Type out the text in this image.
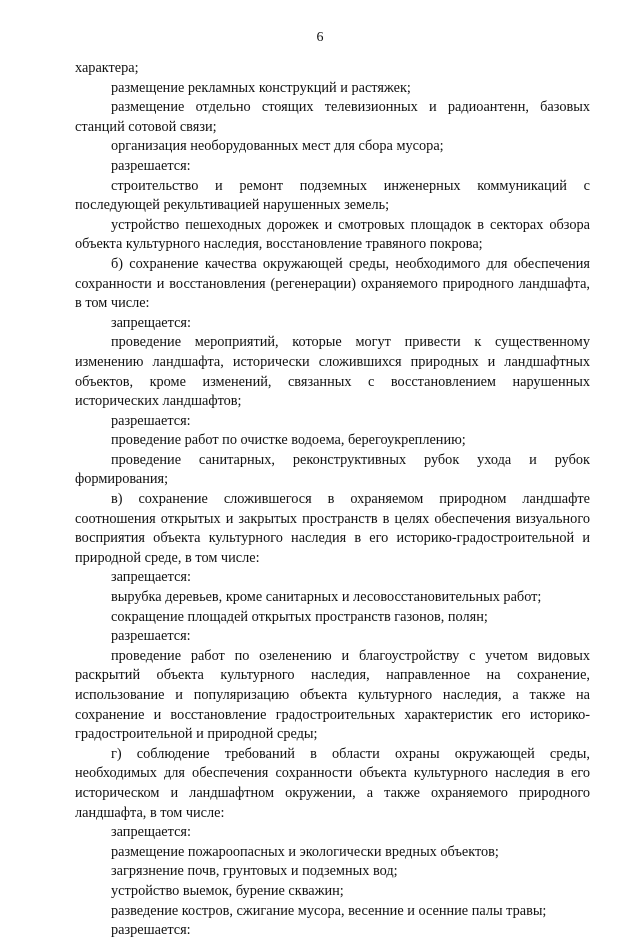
6

характера;

размещение рекламных конструкций и растяжек;

размещение отдельно стоящих телевизионных и радиоантенн, базовых станций сотовой связи;

организация необорудованных мест для сбора мусора;

разрешается:

строительство и ремонт подземных инженерных коммуникаций с последующей рекультивацией нарушенных земель;

устройство пешеходных дорожек и смотровых площадок в секторах обзора объекта культурного наследия, восстановление травяного покрова;

б) сохранение качества окружающей среды, необходимого для обеспечения сохранности и восстановления (регенерации) охраняемого природного ландшафта, в том числе:

запрещается:

проведение мероприятий, которые могут привести к существенному изменению ландшафта, исторически сложившихся природных и ландшафтных объектов, кроме изменений, связанных с восстановлением нарушенных исторических ландшафтов;

разрешается:

проведение работ по очистке водоема, берегоукреплению;

проведение санитарных, реконструктивных рубок ухода и рубок формирования;

в) сохранение сложившегося в охраняемом природном ландшафте соотношения открытых и закрытых пространств в целях обеспечения визуального восприятия объекта культурного наследия в его историко-градостроительной и природной среде, в том числе:

запрещается:

вырубка деревьев, кроме санитарных и лесовосстановительных работ;

сокращение площадей открытых пространств газонов, полян;

разрешается:

проведение работ по озеленению и благоустройству с учетом видовых раскрытий объекта культурного наследия, направленное на сохранение, использование и популяризацию объекта культурного наследия, а также на сохранение и восстановление градостроительных характеристик его историко-градостроительной и природной среды;

г) соблюдение требований в области охраны окружающей среды, необходимых для обеспечения сохранности объекта культурного наследия в его историческом и ландшафтном окружении, а также охраняемого природного ландшафта, в том числе:

запрещается:

размещение пожароопасных и экологически вредных объектов;

загрязнение почв, грунтовых и подземных вод;

устройство выемок, бурение скважин;

разведение костров, сжигание мусора, весенние и осенние палы травы;

разрешается:
